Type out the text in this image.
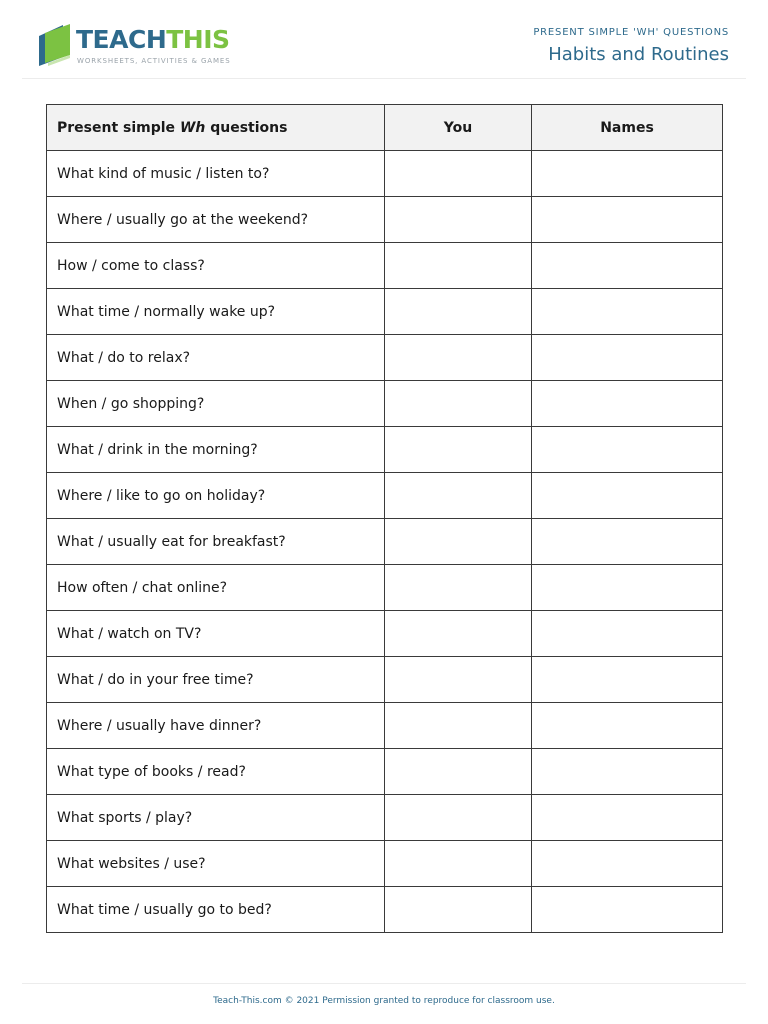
TEACHTHIS
WORKSHEETS, ACTIVITIES & GAMES
PRESENT SIMPLE 'WH' QUESTIONS
Habits and Routines
Present simple Wh questions	You	Names
What kind of music / listen to?		
Where / usually go at the weekend?		
How / come to class?		
What time / normally wake up?		
What / do to relax?		
When / go shopping?		
What / drink in the morning?		
Where / like to go on holiday?		
What / usually eat for breakfast?		
How often / chat online?		
What / watch on TV?		
What / do in your free time?		
Where / usually have dinner?		
What type of books / read?		
What sports / play?		
What websites / use?		
What time / usually go to bed?		
Teach-This.com © 2021 Permission granted to reproduce for classroom use.
